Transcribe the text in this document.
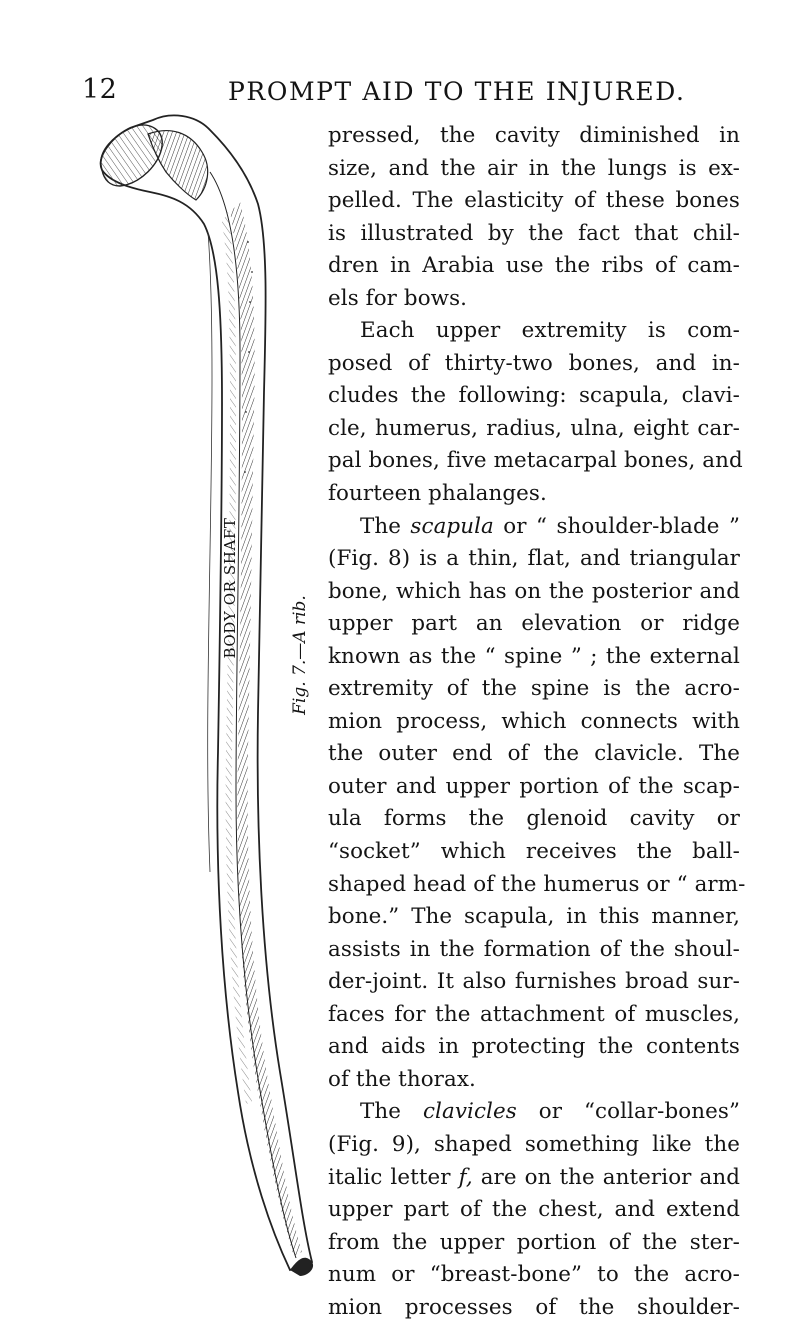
12	PROMPT AID TO THE INJURED.
BODY OR SHAFT	Fig. 7.—A rib.
pressed, the cavity diminished in
size, and the air in the lungs is ex-
pelled. The elasticity of these bones
is illustrated by the fact that chil-
dren in Arabia use the ribs of cam-
els for bows.
Each upper extremity is com-
posed of thirty-two bones, and in-
cludes the following: scapula, clavi-
cle, humerus, radius, ulna, eight car-
pal bones, five metacarpal bones, and
fourteen phalanges.
The scapula or “ shoulder-blade ”
(Fig. 8) is a thin, flat, and triangular
bone, which has on the posterior and
upper part an elevation or ridge
known as the “ spine ” ; the external
extremity of the spine is the acro-
mion process, which connects with
the outer end of the clavicle. The
outer and upper portion of the scap-
ula forms the glenoid cavity or
“socket” which receives the ball-
shaped head of the humerus or “ arm-
bone.” The scapula, in this manner,
assists in the formation of the shoul-
der-joint. It also furnishes broad sur-
faces for the attachment of muscles,
and aids in protecting the contents
of the thorax.
The clavicles or “collar-bones”
(Fig. 9), shaped something like the
italic letter f, are on the anterior and
upper part of the chest, and extend
from the upper portion of the ster-
num or “breast-bone” to the acro-
mion processes of the shoulder-
